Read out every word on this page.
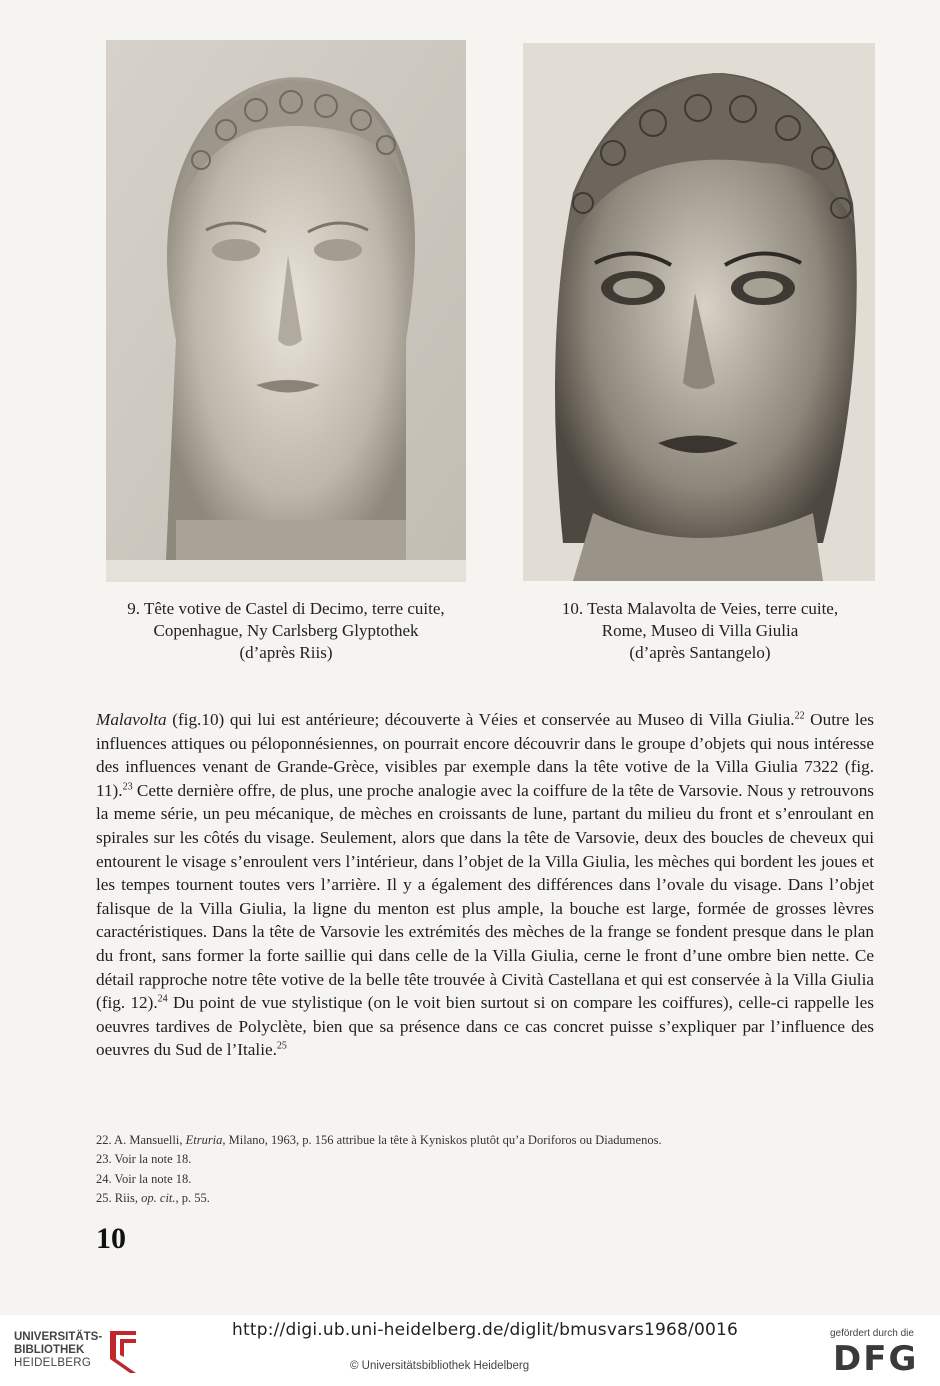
9. Tête votive de Castel di Decimo, terre cuite,
Copenhague, Ny Carlsberg Glyptothek
(d’après Riis)
10. Testa Malavolta de Veies, terre cuite,
Rome, Museo di Villa Giulia
(d’après Santangelo)

Malavolta (fig.10) qui lui est antérieure; découverte à Véies et conservée au Museo di Villa Giulia.$^{22}$ Outre les influences attiques ou péloponnésiennes, on pourrait encore découvrir dans le groupe d’objets qui nous intéresse des influences venant de Grande-Grèce, visibles par exemple dans la tête votive de la Villa Giulia 7322 (fig. 11).$^{23}$ Cette dernière offre, de plus, une proche analogie avec la coiffure de la tête de Varsovie. Nous y retrouvons la meme série, un peu mécanique, de mèches en croissants de lune, partant du milieu du front et s’enroulant en spirales sur les côtés du visage. Seulement, alors que dans la tête de Varsovie, deux des boucles de cheveux qui entourent le visage s’enroulent vers l’intérieur, dans l’objet de la Villa Giulia, les mèches qui bordent les joues et les tempes tournent toutes vers l’arrière. Il y a également des différences dans l’ovale du visage. Dans l’objet falisque de la Villa Giulia, la ligne du menton est plus ample, la bouche est large, formée de grosses lèvres caractéristiques. Dans la tête de Varsovie les extrémités des mèches de la frange se fondent presque dans le plan du front, sans former la forte saillie qui dans celle de la Villa Giulia, cerne le front d’une ombre bien nette. Ce détail rapproche notre tête votive de la belle tête trouvée à Cività Castellana et qui est conservée à la Villa Giulia (fig. 12).$^{24}$ Du point de vue stylistique (on le voit bien surtout si on compare les coiffures), celle-ci rappelle les oeuvres tardives de Polyclète, bien que sa présence dans ce cas concret puisse s’expliquer par l’influence des oeuvres du Sud de l’Italie.$^{25}$

22. A. Mansuelli, Etruria, Milano, 1963, p. 156 attribue la tête à Kyniskos plutôt qu’a Doriforos ou Diadumenos.
23. Voir la note 18.
24. Voir la note 18.
25. Riis, op. cit., p. 55.
10
UNIVERSITÄTS-
BIBLIOTHEK
HEIDELBERG
http://digi.ub.uni-heidelberg.de/diglit/bmusvars1968/0016
© Universitätsbibliothek Heidelberg
gefördert durch die
DFG
